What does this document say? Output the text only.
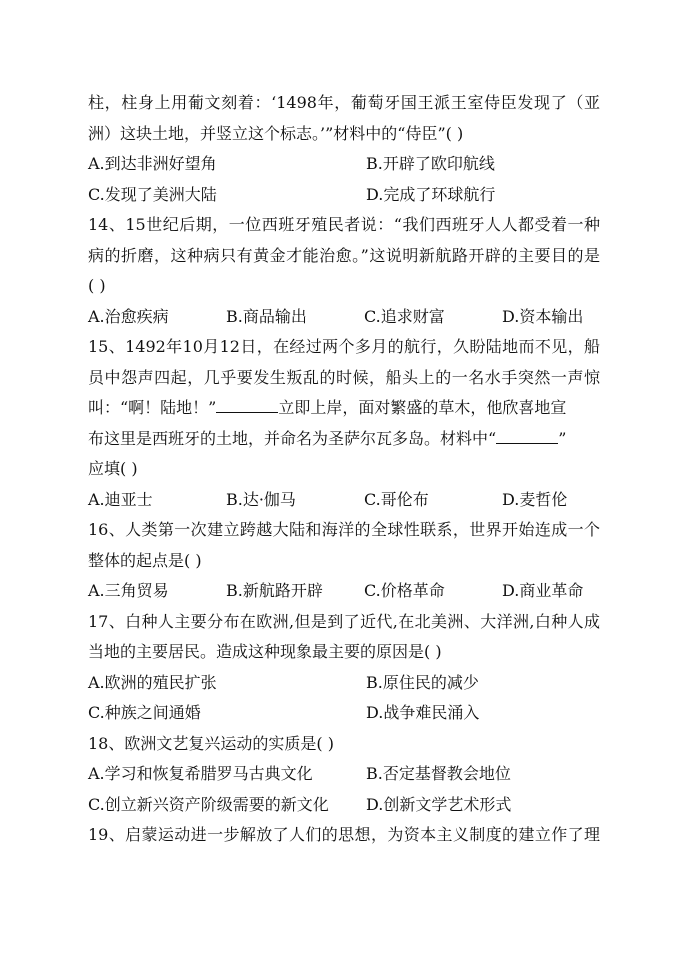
柱，柱身上用葡文刻着：‘1498年，葡萄牙国王派王室侍臣发现了（亚
洲）这块土地，并竖立这个标志。’”材料中的“侍臣”( )
A.到达非洲好望角	B.开辟了欧印航线
C.发现了美洲大陆	D.完成了环球航行
14、15世纪后期，一位西班牙殖民者说：“我们西班牙人人都受着一种
病的折磨，这种病只有黄金才能治愈。”这说明新航路开辟的主要目的是
( )
A.治愈疾病	B.商品输出	C.追求财富	D.资本输出
15、1492年10月12日，在经过两个多月的航行，久盼陆地而不见，船
员中怨声四起，几乎要发生叛乱的时候，船头上的一名水手突然一声惊
叫：“啊！陆地！”	立即上岸，面对繁盛的草木，他欣喜地宣
布这里是西班牙的土地，并命名为圣萨尔瓦多岛。材料中“	”
应填( )
A.迪亚士	B.达·伽马	C.哥伦布	D.麦哲伦
16、人类第一次建立跨越大陆和海洋的全球性联系，世界开始连成一个
整体的起点是( )
A.三角贸易	B.新航路开辟	C.价格革命	D.商业革命
17、白种人主要分布在欧洲,但是到了近代,在北美洲、大洋洲,白种人成
当地的主要居民。造成这种现象最主要的原因是( )
A.欧洲的殖民扩张	B.原住民的减少
C.种族之间通婚	D.战争难民涌入
18、欧洲文艺复兴运动的实质是( )
A.学习和恢复希腊罗马古典文化	B.否定基督教会地位
C.创立新兴资产阶级需要的新文化	D.创新文学艺术形式
19、启蒙运动进一步解放了人们的思想，为资本主义制度的建立作了理
